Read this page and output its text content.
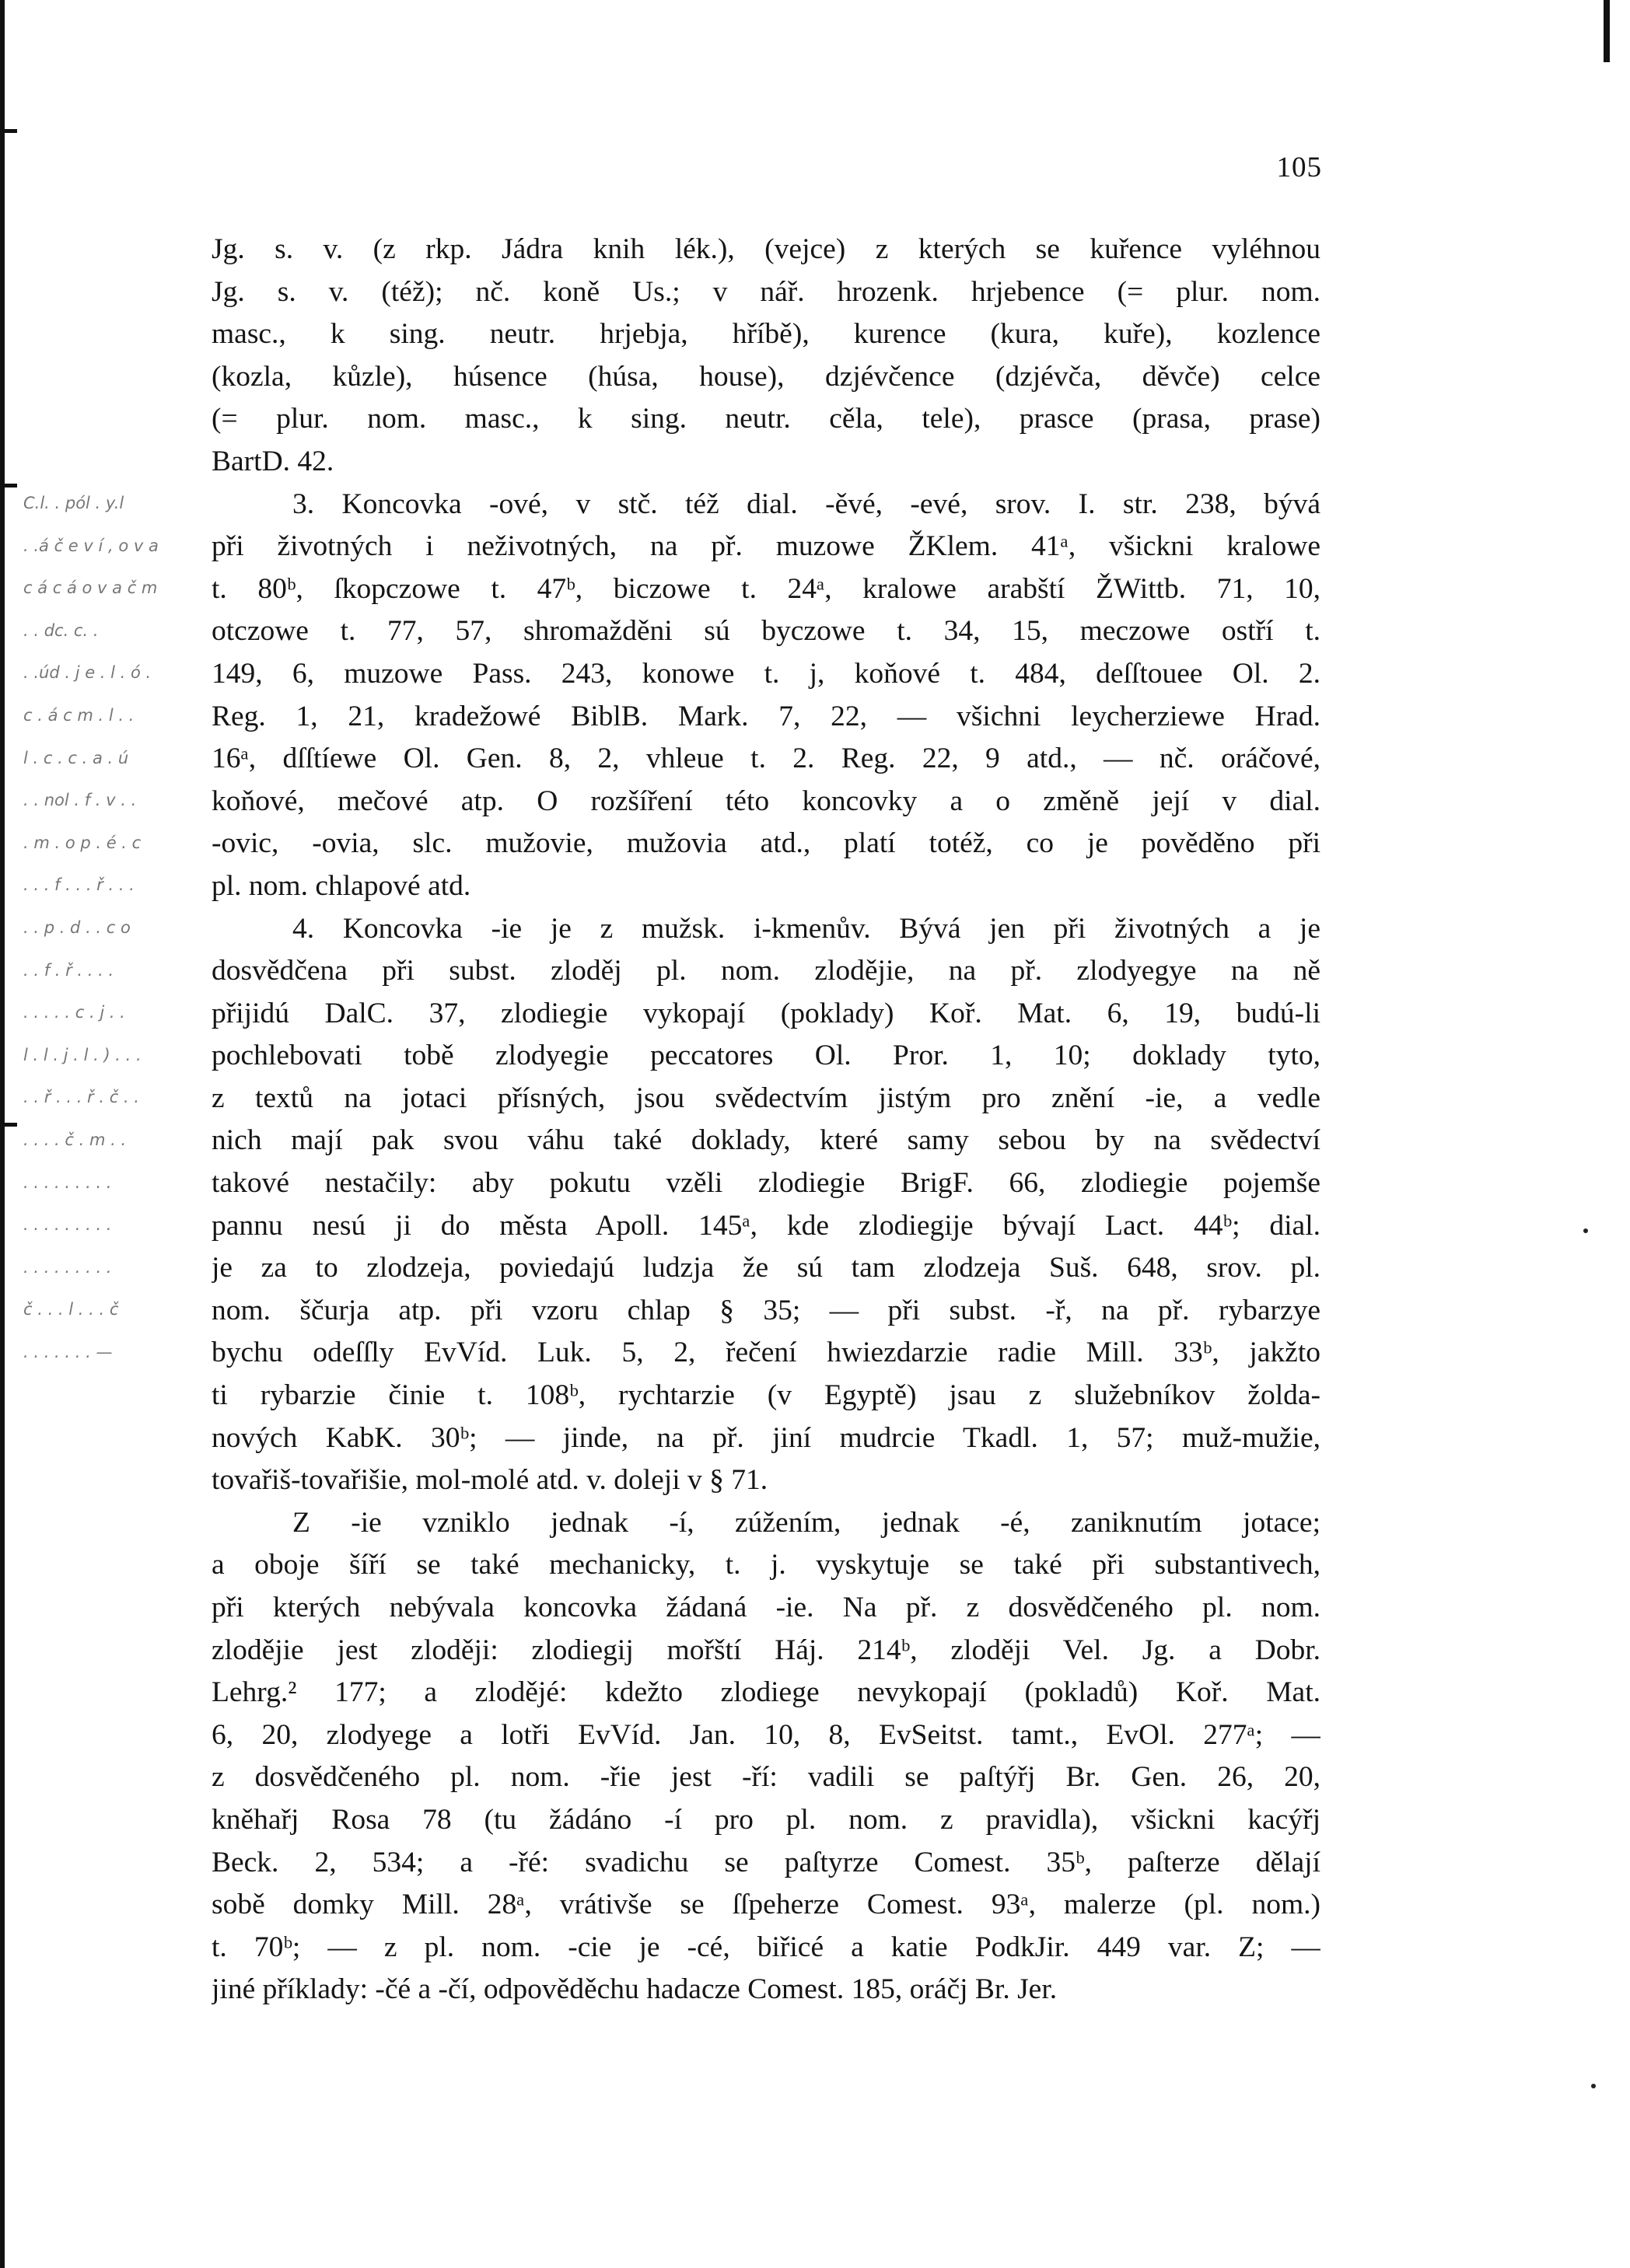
105
C.l. . pól . y.l
. .á č e v í , o v a
c á c á o v a č m
. . dc. c. .
. .úd . j e . l . ó .
c . á c m . l . .
l . c . c . a . ú
. . nol . f . v . .
. m . o p . é . c
. . . f . . . ř . . .
. . p . d . . c o
. . f . ř . . . .
. . . . . c . j . .
l . l . j . l . ) . . .
. . ř . . . ř . č . .
. . . . č . m . .
. . . . . . . . .
. . . . . . . . .
. . . . . . . . .
č . . . l . . . č
. . . . . . . —
Jg. s. v. (z rkp. Jádra knih lék.), (vejce) z kterých se kuřence vyléhnou
Jg. s. v. (též); nč. koně Us.; v nář. hrozenk. hrjebence (= plur. nom.
masc., k sing. neutr. hrjebja, hříbě), kurence (kura, kuře), kozlence
(kozla, kůzle), húsence (húsa, house), dzjévčence (dzjévča, děvče) celce
(= plur. nom. masc., k sing. neutr. cěla, tele), prasce (prasa, prase)
BartD. 42.
3. Koncovka -ové, v stč. též dial. -ěvé, -evé, srov. I. str. 238, bývá
při životných i neživotných, na př. muzowe ŽKlem. 41ᵃ, všickni kralowe
t. 80ᵇ, ſkopczowe t. 47ᵇ, biczowe t. 24ᵃ, kralowe arabští ŽWittb. 71, 10,
otczowe t. 77, 57, shromažděni sú byczowe t. 34, 15, meczowe ostří t.
149, 6, muzowe Pass. 243, konowe t. j, koňové t. 484, deſſtouee Ol. 2.
Reg. 1, 21, kradežowé BiblB. Mark. 7, 22, — všichni leycherziewe Hrad.
16ᵃ, dſſtíewe Ol. Gen. 8, 2, vhleue t. 2. Reg. 22, 9 atd., — nč. oráčové,
koňové, mečové atp. O rozšíření této koncovky a o změně její v dial.
-ovic, -ovia, slc. mužovie, mužovia atd., platí totéž, co je pověděno při
pl. nom. chlapové atd.
4. Koncovka -ie je z mužsk. i-kmenův. Bývá jen při životných a je
dosvědčena při subst. zloděj pl. nom. zlodějie, na př. zlodyegye na ně
přijidú DalC. 37, zlodiegie vykopají (poklady) Koř. Mat. 6, 19, budú-li
pochlebovati tobě zlodyegie peccatores Ol. Pror. 1, 10; doklady tyto,
z textů na jotaci přísných, jsou svědectvím jistým pro znění -ie, a vedle
nich mají pak svou váhu také doklady, které samy sebou by na svědectví
takové nestačily: aby pokutu vzěli zlodiegie BrigF. 66, zlodiegie pojemše
pannu nesú ji do města Apoll. 145ᵃ, kde zlodiegije bývají Lact. 44ᵇ; dial.
je za to zlodzeja, poviedajú ludzja že sú tam zlodzeja Suš. 648, srov. pl.
nom. ščurja atp. při vzoru chlap § 35; — při subst. -ř, na př. rybarzye
bychu odeſſly EvVíd. Luk. 5, 2, řečení hwiezdarzie radie Mill. 33ᵇ, jakžto
ti rybarzie činie t. 108ᵇ, rychtarzie (v Egyptě) jsau z služebníkov žolda-
nových KabK. 30ᵇ; — jinde, na př. jiní mudrcie Tkadl. 1, 57; muž-mužie,
tovařiš-tovařišie, mol-molé atd. v. doleji v § 71.
Z -ie vzniklo jednak -í, zúžením, jednak -é, zaniknutím jotace;
a oboje šíří se také mechanicky, t. j. vyskytuje se také při substantivech,
při kterých nebývala koncovka žádaná -ie. Na př. z dosvědčeného pl. nom.
zlodějie jest zloději: zlodiegij mořští Háj. 214ᵇ, zloději Vel. Jg. a Dobr.
Lehrg.² 177; a zlodějé: kdežto zlodiege nevykopají (pokladů) Koř. Mat.
6, 20, zlodyege a lotři EvVíd. Jan. 10, 8, EvSeitst. tamt., EvOl. 277ᵃ; —
z dosvědčeného pl. nom. -řie jest -ří: vadili se paſtýřj Br. Gen. 26, 20,
kněhařj Rosa 78 (tu žádáno -í pro pl. nom. z pravidla), všickni kacýřj
Beck. 2, 534; a -řé: svadichu se paſtyrze Comest. 35ᵇ, paſterze dělají
sobě domky Mill. 28ᵃ, vrátivše se ſſpeherze Comest. 93ᵃ, malerze (pl. nom.)
t. 70ᵇ; — z pl. nom. -cie je -cé, biřicé a katie PodkJir. 449 var. Z; —
jiné příklady: -čé a -čí, odpověděchu hadacze Comest. 185, oráčj Br. Jer.
